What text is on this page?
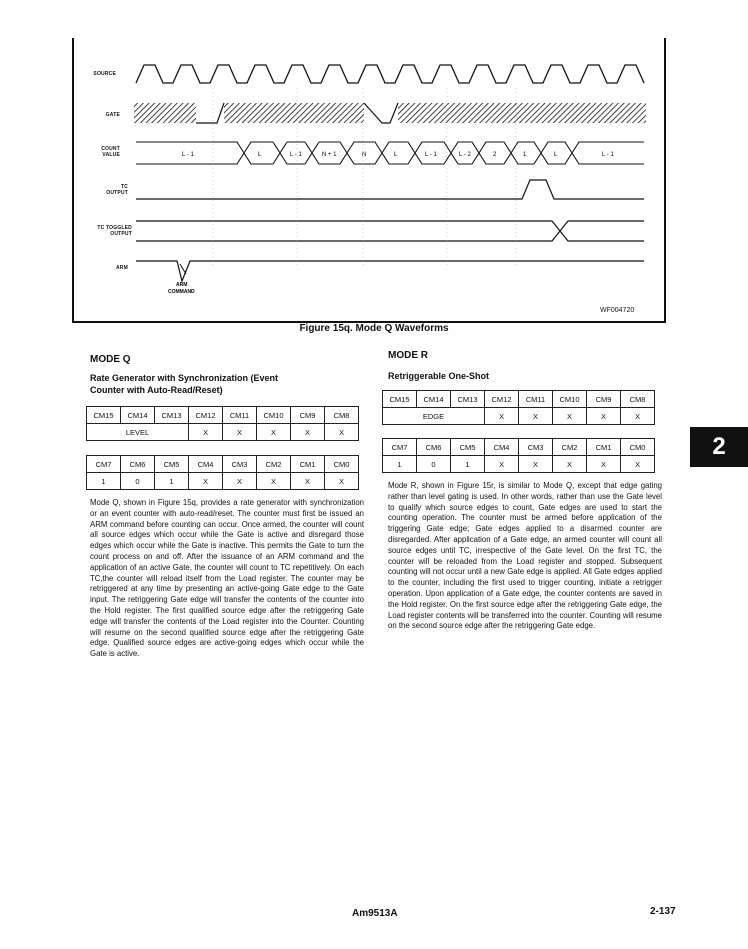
SOURCE
GATE
COUNT
VALUE
TC
OUTPUT
TC TOGGLED
OUTPUT
ARM
L - 1	L	L - 1	N + 1	N	L	L - 1	L - 2	2	1	L	L - 1
ARM
COMMAND
WF004720
Figure 15q. Mode Q Waveforms
MODE Q
Rate Generator with Synchronization (Event
Counter with Auto-Read/Reset)
CM15	CM14	CM13	CM12	CM11	CM10	CM9	CM8
LEVEL			X	X	X	X	X
CM7	CM6	CM5	CM4	CM3	CM2	CM1	CM0
1	0	1	X	X	X	X	X
Mode Q, shown in Figure 15q, provides a rate generator with synchronization or an event counter with auto-read/reset. The counter must first be issued an ARM command before counting can occur. Once armed, the counter will count all source edges which occur while the Gate is active and disregard those edges which occur while the Gate is inactive. This permits the Gate to turn the count process on and off. After the issuance of an ARM command and the application of an active Gate, the counter will count to TC repetitively. On each TC,the counter will reload itself from the Load register. The counter may be retriggered at any time by presenting an active-going Gate edge to the Gate input. The retriggering Gate edge will transfer the contents of the counter into the Hold register. The first qualified source edge after the retriggering Gate edge will transfer the contents of the Load register into the Counter. Counting will resume on the second qualified source edge after the retriggering Gate edge. Qualified source edges are active-going edges which occur while the Gate is active.
MODE R
Retriggerable One-Shot
CM15	CM14	CM13	CM12	CM11	CM10	CM9	CM8
EDGE			X	X	X	X	X
CM7	CM6	CM5	CM4	CM3	CM2	CM1	CM0
1	0	1	X	X	X	X	X
Mode R, shown in Figure 15r, is similar to Mode Q, except that edge gating rather than level gating is used. In other words, rather than use the Gate level to qualify which source edges to count, Gate edges are used to start the counting operation. The counter must be armed before application of the triggering Gate edge; Gate edges applied to a disarmed counter are disregarded. After application of a Gate edge, an armed counter will count all source edges until TC, irrespective of the Gate level. On the first TC, the counter will be reloaded from the Load register and stopped. Subsequent counting will not occur until a new Gate edge is applied. All Gate edges applied to the counter, including the first used to trigger counting, initiate a retrigger operation. Upon application of a Gate edge, the counter contents are saved in the Hold register. On the first source edge after the retriggering Gate edge, the Load register contents will be transferred into the counter. Counting will resume on the second source edge after the retriggering Gate edge.
2
Am9513A	2-137
